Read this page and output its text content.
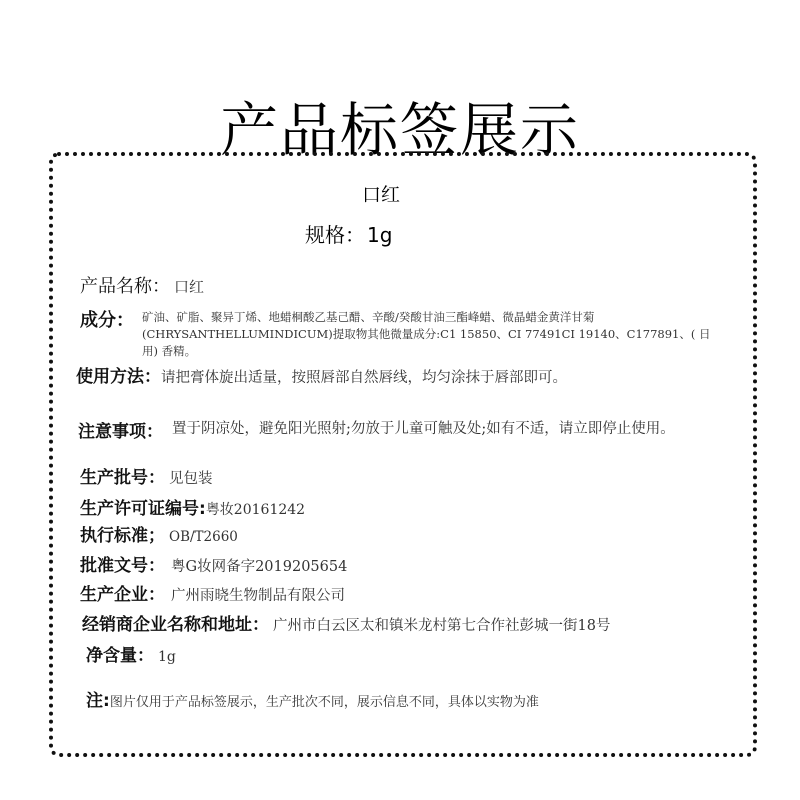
产品标签展示
口红
规格： 1g
产品名称： 口红
成分： 矿油、矿脂、聚异丁烯、地蜡桐酸乙基己醋、辛酸/癸酸甘油三酯峰蜡、微晶蜡金黄洋甘菊(CHRYSANTHELLUMINDICUM)提取物其他微量成分:C1 15850、CI 77491CI 19140、C177891、( 日用) 香精。
使用方法：请把膏体旋出适量，按照唇部自然唇线，均匀涂抹于唇部即可。
注意事项： 置于阴凉处，避免阳光照射;勿放于儿童可触及处;如有不适，请立即停止使用。
生产批号： 见包装
生产许可证编号:粤妆20161242
执行标准； OB/T2660
批准文号： 粤G妆网备字2019205654
生产企业： 广州雨晓生物制品有限公司
经销商企业名称和地址： 广州市白云区太和镇米龙村第七合作社彭城一街18号
净含量： 1g
注:图片仅用于产品标签展示，生产批次不同，展示信息不同，具体以实物为准
